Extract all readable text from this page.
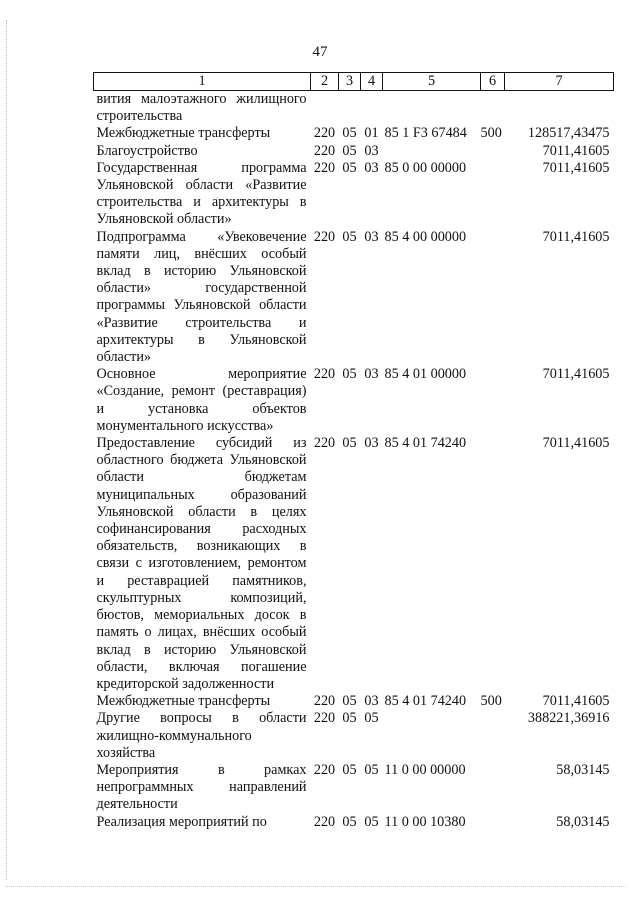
47
1	2	3	4	5	6	7
вития малоэтажного жилищного строительства						
Межбюджетные трансферты	220	05	01	85 1 F3 67484	500	128517,43475
Благоустройство	220	05	03			7011,41605
Государственная программа Ульяновской области «Развитие строительства и архитектуры в Ульяновской области»	220	05	03	85 0 00 00000		7011,41605
Подпрограмма «Увековечение памяти лиц, внёсших особый вклад в историю Ульяновской области» государственной программы Ульяновской области «Развитие строительства и архитектуры в Ульяновской области»	220	05	03	85 4 00 00000		7011,41605
Основное мероприятие «Создание, ремонт (реставрация) и установка объектов монументального искусства»	220	05	03	85 4 01 00000		7011,41605
Предоставление субсидий из областного бюджета Ульяновской области бюджетам муниципальных образований Ульяновской области в целях софинансирования расходных обязательств, возникающих в связи с изготовлением, ремонтом и реставрацией памятников, скульптурных композиций, бюстов, мемориальных досок в память о лицах, внёсших особый вклад в историю Ульяновской области, включая погашение кредиторской задолженности	220	05	03	85 4 01 74240		7011,41605
Межбюджетные трансферты	220	05	03	85 4 01 74240	500	7011,41605
Другие вопросы в области жилищно-коммунального хозяйства	220	05	05			388221,36916
Мероприятия в рамках непрограммных направлений деятельности	220	05	05	11 0 00 00000		58,03145
Реализация мероприятий по	220	05	05	11 0 00 10380		58,03145
